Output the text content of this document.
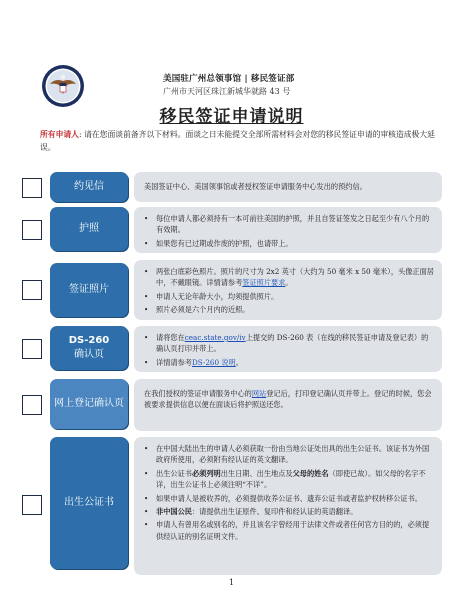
美国驻广州总领事馆 | 移民签证部
广州市天河区珠江新城华就路 43 号
移民签证申请说明
所有申请人: 请在您面谈前备齐以下材料。面谈之日未能提交全部所需材料会对您的移民签证申请的审核造成极大延误。
约见信	美国签证中心、美国领事馆或者授权签证申请服务中心发出的预约信。
护照
• 每位申请人都必须持有一本可前往美国的护照，并且自签证签发之日起至少有八个月的有效期。
• 如果您有已过期或作废的护照，也请带上。
签证照片
• 两张白底彩色照片。照片的尺寸为 2x2 英寸（大约为 50 毫米 x 50 毫米），头像正面居中，不戴眼镜。详情请参考签证照片要求。
• 申请人无论年龄大小，均须提供照片。
• 照片必须是六个月内的近照。
DS-260
确认页
• 请将您在ceac.state.gov/iv上提交的 DS-260 表（在线的移民签证申请及登记表）的确认页打印并带上。
• 详情请参考DS-260 说明。
网上登记确认页
在我们授权的签证申请服务中心的网站登记后，打印登记确认页并带上。登记的时候，您会被要求提供信息以便在面谈后将护照送还您。
出生公证书
• 在中国大陆出生的申请人必须获取一份由当地公证处出具的出生公证书。该证书为外国政府所使用，必须附有经认证的英文翻译。
• 出生公证书必须列明出生日期、出生地点及父母的姓名（即使已故）。如父母的名字不详，出生公证书上必须注明“不详”。
• 如果申请人是被收养的，必须提供收养公证书、遗弃公证书或者监护权转移公证书。
• 非中国公民：请提供出生证原件、复印件和经认证的英语翻译。
• 申请人有曾用名或别名的，并且该名字曾经用于法律文件或者任何官方目的的，必须提供经认证的别名证明文件。
1
